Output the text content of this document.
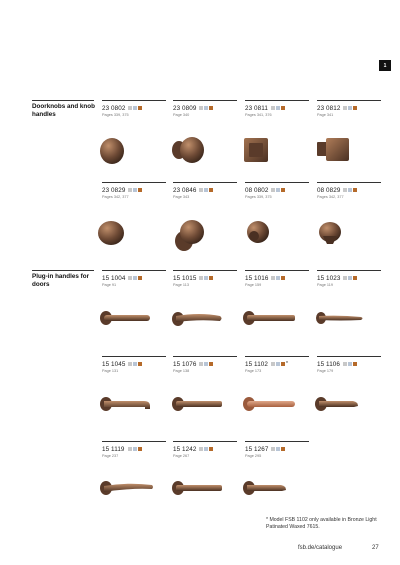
1
Doorknobs and knob handles
Plug-in handles for doors
23 0802
Pages 339, 375
23 0809
Page 340
23 0811
Pages 341, 376
23 0812
Page 341
23 0829
Pages 342, 377
23 0846
Page 343
08 0802
Pages 339, 375
08 0829
Pages 342, 377
15 1004
Page 91
15 1015
Page 113
15 1016
Page 159
15 1023
Page 119
15 1045
Page 131
15 1076
Page 138
15 1102	*
Page 173
15 1106
Page 179
15 1119
Page 237
15 1242
Page 267
15 1267
Page 295
* Model FSB 1102 only available in Bronze Light Patinated Waxed 7615.
fsb.de/catalogue	27
